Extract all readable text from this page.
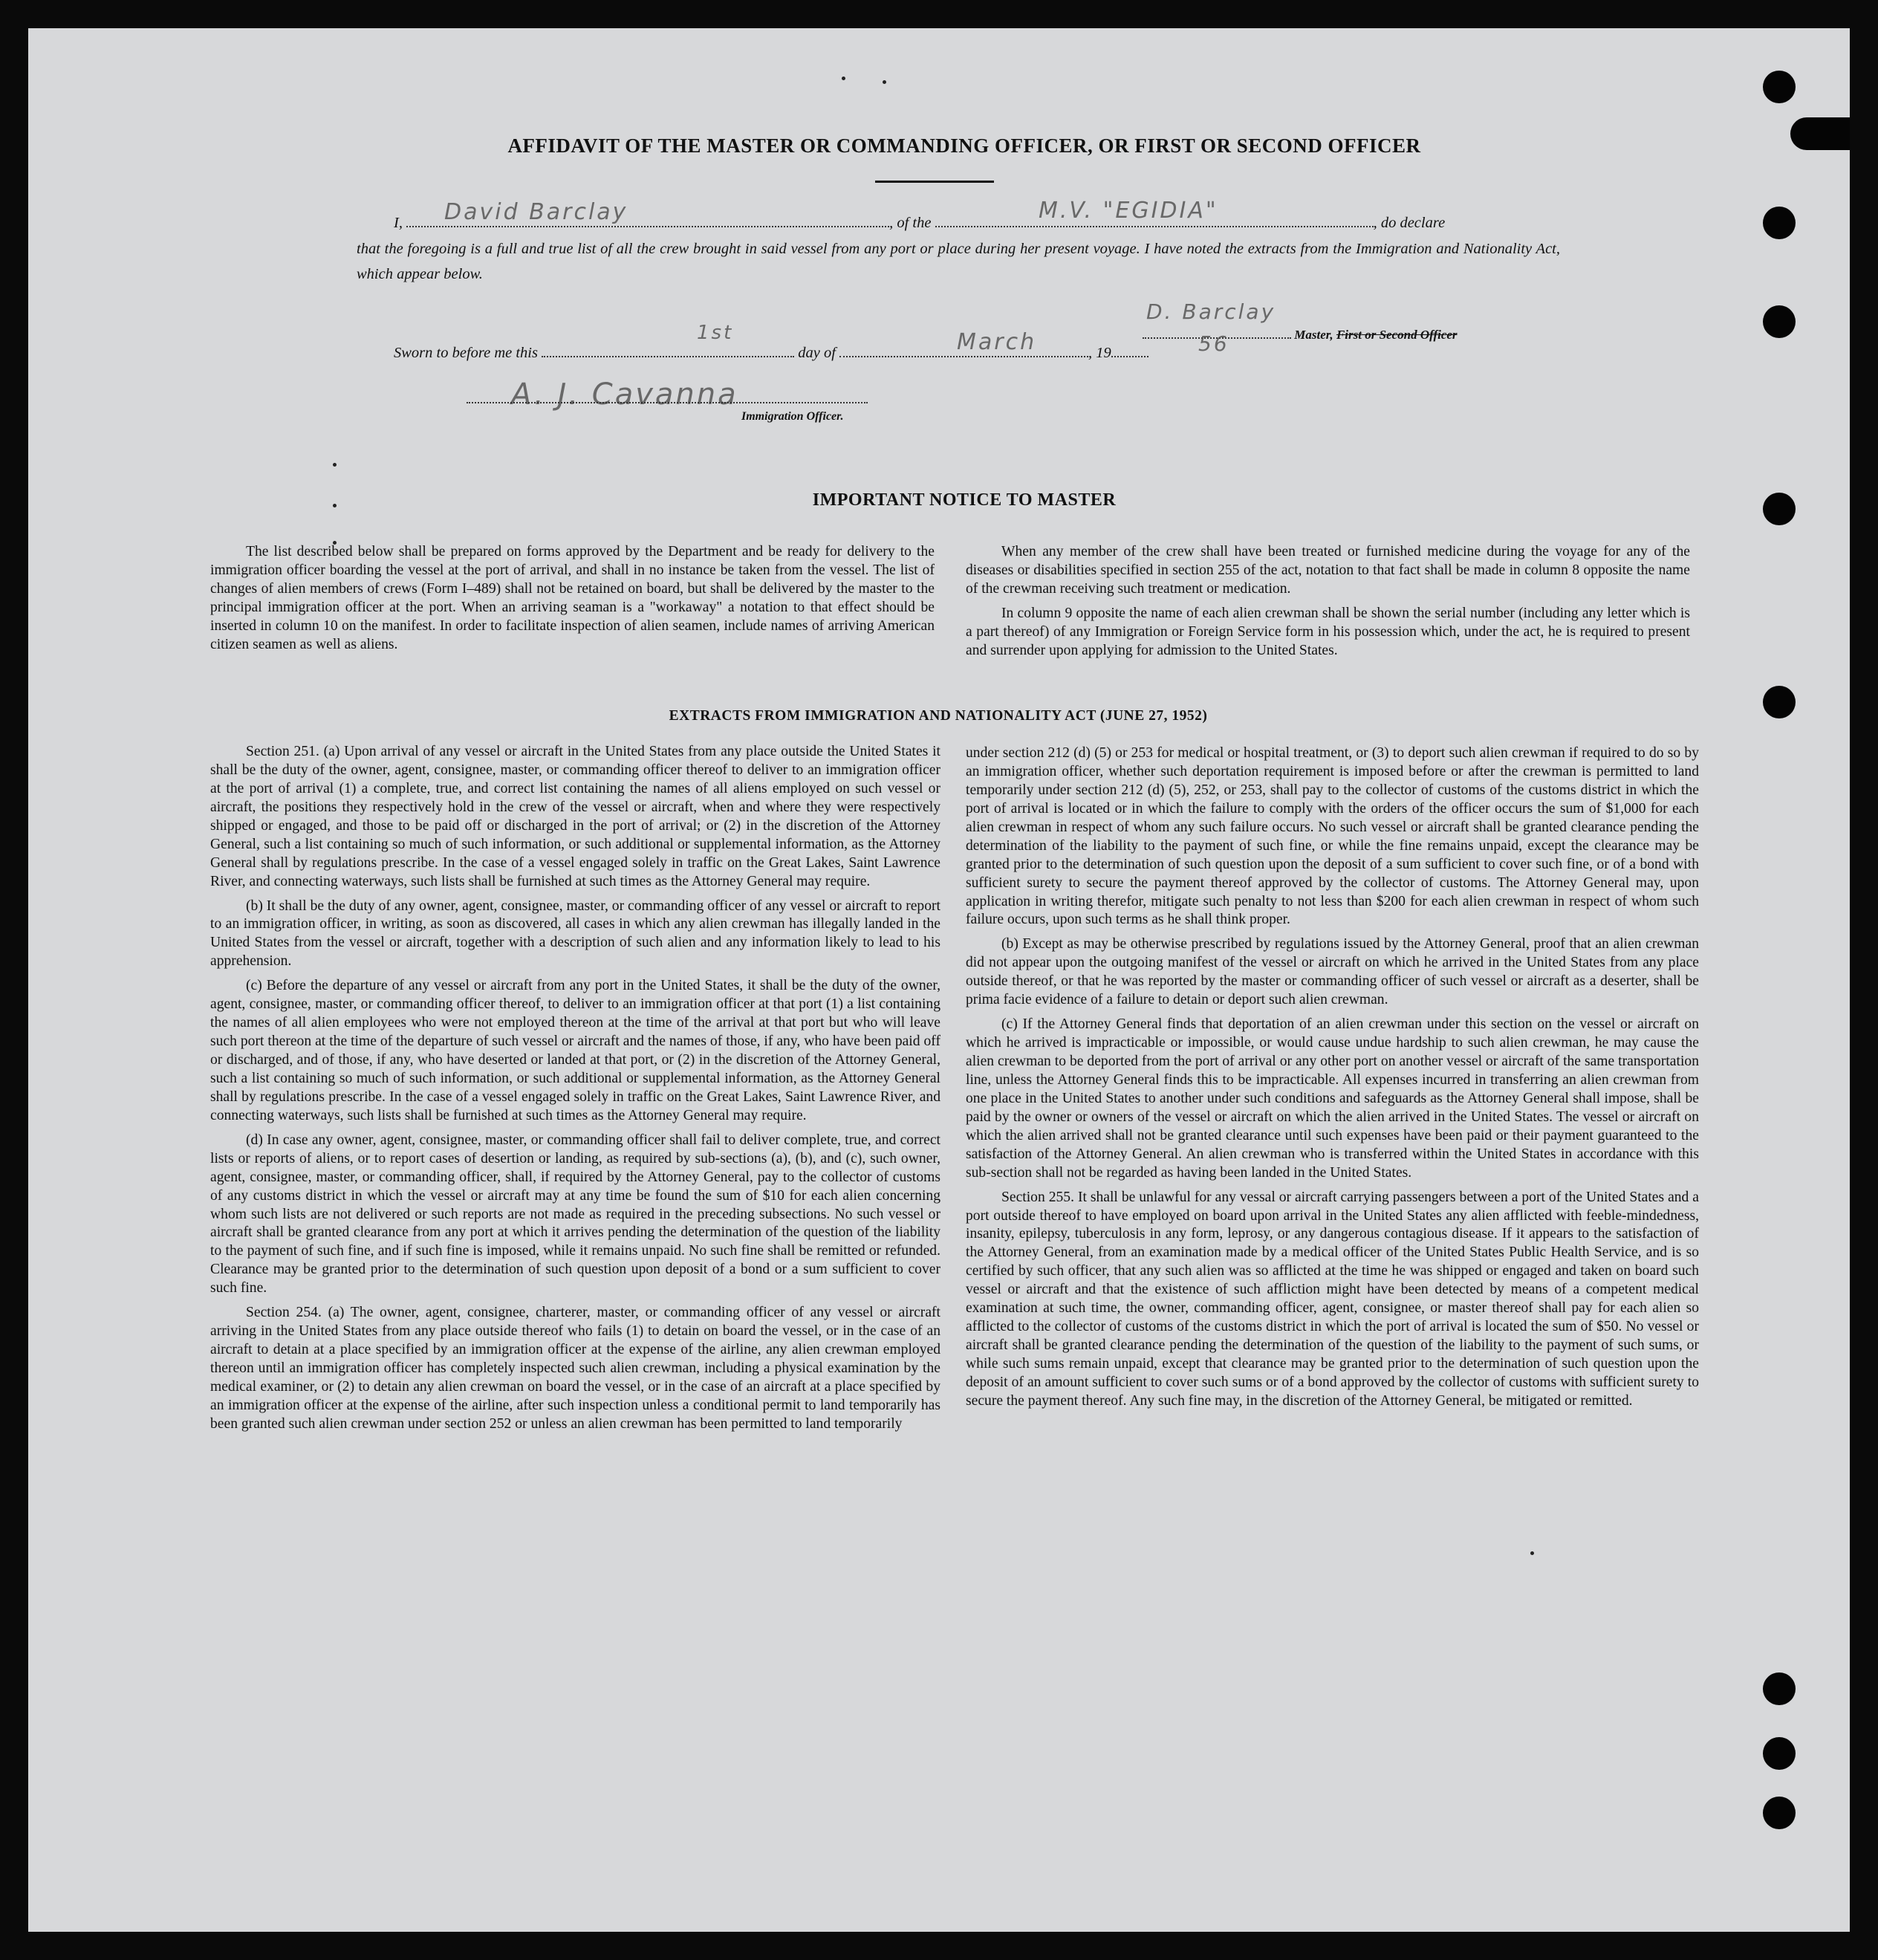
AFFIDAVIT OF THE MASTER OR COMMANDING OFFICER, OR FIRST OR SECOND OFFICER
I,	, of the	, do declare
David Barclay	M.V. "EGIDIA"
that the foregoing is a full and true list of all the crew brought in said vessel from any port or place during her present voyage. I have noted the extracts from the Immigration and Nationality Act, which appear below.
D. Barclay
Master, First or Second Officer
Sworn to before me this	day of	, 19
1st	March	56
A. J. Cavanna
Immigration Officer.
IMPORTANT NOTICE TO MASTER

The list described below shall be prepared on forms approved by the Department and be ready for delivery to the immigration officer boarding the vessel at the port of arrival, and shall in no instance be taken from the vessel. The list of changes of alien members of crews (Form I–489) shall not be retained on board, but shall be delivered by the master to the principal immigration officer at the port. When an arriving seaman is a "workaway" a notation to that effect should be inserted in column 10 on the manifest. In order to facilitate inspection of alien seamen, include names of arriving American citizen seamen as well as aliens.

When any member of the crew shall have been treated or furnished medicine during the voyage for any of the diseases or disabilities specified in section 255 of the act, notation to that fact shall be made in column 8 opposite the name of the crewman receiving such treatment or medication.

In column 9 opposite the name of each alien crewman shall be shown the serial number (including any letter which is a part thereof) of any Immigration or Foreign Service form in his possession which, under the act, he is required to present and surrender upon applying for admission to the United States.

EXTRACTS FROM IMMIGRATION AND NATIONALITY ACT (JUNE 27, 1952)

Section 251. (a) Upon arrival of any vessel or aircraft in the United States from any place outside the United States it shall be the duty of the owner, agent, consignee, master, or commanding officer thereof to deliver to an immigration officer at the port of arrival (1) a complete, true, and correct list containing the names of all aliens employed on such vessel or aircraft, the positions they respectively hold in the crew of the vessel or aircraft, when and where they were respectively shipped or engaged, and those to be paid off or discharged in the port of arrival; or (2) in the discretion of the Attorney General, such a list containing so much of such information, or such additional or supplemental information, as the Attorney General shall by regulations prescribe. In the case of a vessel engaged solely in traffic on the Great Lakes, Saint Lawrence River, and connecting waterways, such lists shall be furnished at such times as the Attorney General may require.

(b) It shall be the duty of any owner, agent, consignee, master, or commanding officer of any vessel or aircraft to report to an immigration officer, in writing, as soon as discovered, all cases in which any alien crewman has illegally landed in the United States from the vessel or aircraft, together with a description of such alien and any information likely to lead to his apprehension.

(c) Before the departure of any vessel or aircraft from any port in the United States, it shall be the duty of the owner, agent, consignee, master, or commanding officer thereof, to deliver to an immigration officer at that port (1) a list containing the names of all alien employees who were not employed thereon at the time of the arrival at that port but who will leave such port thereon at the time of the departure of such vessel or aircraft and the names of those, if any, who have been paid off or discharged, and of those, if any, who have deserted or landed at that port, or (2) in the discretion of the Attorney General, such a list containing so much of such information, or such additional or supplemental information, as the Attorney General shall by regulations prescribe. In the case of a vessel engaged solely in traffic on the Great Lakes, Saint Lawrence River, and connecting waterways, such lists shall be furnished at such times as the Attorney General may require.

(d) In case any owner, agent, consignee, master, or commanding officer shall fail to deliver complete, true, and correct lists or reports of aliens, or to report cases of desertion or landing, as required by sub-sections (a), (b), and (c), such owner, agent, consignee, master, or commanding officer, shall, if required by the Attorney General, pay to the collector of customs of any customs district in which the vessel or aircraft may at any time be found the sum of $10 for each alien concerning whom such lists are not delivered or such reports are not made as required in the preceding subsections. No such vessel or aircraft shall be granted clearance from any port at which it arrives pending the determination of the question of the liability to the payment of such fine, and if such fine is imposed, while it remains unpaid. No such fine shall be remitted or refunded. Clearance may be granted prior to the determination of such question upon deposit of a bond or a sum sufficient to cover such fine.

Section 254. (a) The owner, agent, consignee, charterer, master, or commanding officer of any vessel or aircraft arriving in the United States from any place outside thereof who fails (1) to detain on board the vessel, or in the case of an aircraft to detain at a place specified by an immigration officer at the expense of the airline, any alien crewman employed thereon until an immigration officer has completely inspected such alien crewman, including a physical examination by the medical examiner, or (2) to detain any alien crewman on board the vessel, or in the case of an aircraft at a place specified by an immigration officer at the expense of the airline, after such inspection unless a conditional permit to land temporarily has been granted such alien crewman under section 252 or unless an alien crewman has been permitted to land temporarily

under section 212 (d) (5) or 253 for medical or hospital treatment, or (3) to deport such alien crewman if required to do so by an immigration officer, whether such deportation requirement is imposed before or after the crewman is permitted to land temporarily under section 212 (d) (5), 252, or 253, shall pay to the collector of customs of the customs district in which the port of arrival is located or in which the failure to comply with the orders of the officer occurs the sum of $1,000 for each alien crewman in respect of whom any such failure occurs. No such vessel or aircraft shall be granted clearance pending the determination of the liability to the payment of such fine, or while the fine remains unpaid, except the clearance may be granted prior to the determination of such question upon the deposit of a sum sufficient to cover such fine, or of a bond with sufficient surety to secure the payment thereof approved by the collector of customs. The Attorney General may, upon application in writing therefor, mitigate such penalty to not less than $200 for each alien crewman in respect of whom such failure occurs, upon such terms as he shall think proper.

(b) Except as may be otherwise prescribed by regulations issued by the Attorney General, proof that an alien crewman did not appear upon the outgoing manifest of the vessel or aircraft on which he arrived in the United States from any place outside thereof, or that he was reported by the master or commanding officer of such vessel or aircraft as a deserter, shall be prima facie evidence of a failure to detain or deport such alien crewman.

(c) If the Attorney General finds that deportation of an alien crewman under this section on the vessel or aircraft on which he arrived is impracticable or impossible, or would cause undue hardship to such alien crewman, he may cause the alien crewman to be deported from the port of arrival or any other port on another vessel or aircraft of the same transportation line, unless the Attorney General finds this to be impracticable. All expenses incurred in transferring an alien crewman from one place in the United States to another under such conditions and safeguards as the Attorney General shall impose, shall be paid by the owner or owners of the vessel or aircraft on which the alien arrived in the United States. The vessel or aircraft on which the alien arrived shall not be granted clearance until such expenses have been paid or their payment guaranteed to the satisfaction of the Attorney General. An alien crewman who is transferred within the United States in accordance with this sub-section shall not be regarded as having been landed in the United States.

Section 255. It shall be unlawful for any vessal or aircraft carrying passengers between a port of the United States and a port outside thereof to have employed on board upon arrival in the United States any alien afflicted with feeble-mindedness, insanity, epilepsy, tuberculosis in any form, leprosy, or any dangerous contagious disease. If it appears to the satisfaction of the Attorney General, from an examination made by a medical officer of the United States Public Health Service, and is so certified by such officer, that any such alien was so afflicted at the time he was shipped or engaged and taken on board such vessel or aircraft and that the existence of such affliction might have been detected by means of a competent medical examination at such time, the owner, commanding officer, agent, consignee, or master thereof shall pay for each alien so afflicted to the collector of customs of the customs district in which the port of arrival is located the sum of $50. No vessel or aircraft shall be granted clearance pending the determination of the question of the liability to the payment of such sums, or while such sums remain unpaid, except that clearance may be granted prior to the determination of such question upon the deposit of an amount sufficient to cover such sums or of a bond approved by the collector of customs with sufficient surety to secure the payment thereof. Any such fine may, in the discretion of the Attorney General, be mitigated or remitted.
